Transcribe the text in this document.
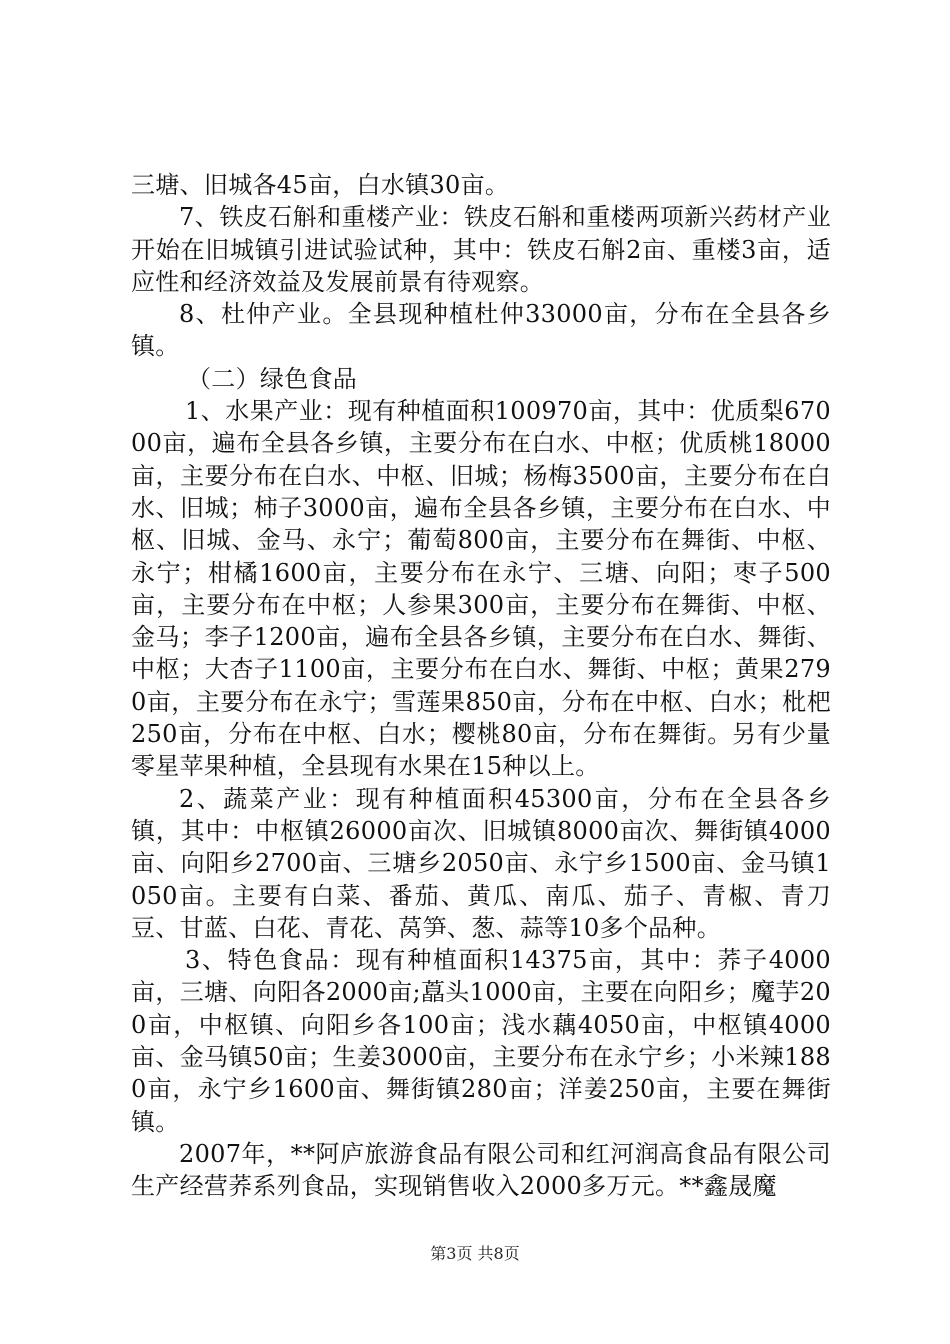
三塘、旧城各45亩，白水镇30亩。

7、铁皮石斛和重楼产业：铁皮石斛和重楼两项新兴药材产业开始在旧城镇引进试验试种，其中：铁皮石斛2亩、重楼3亩，适应性和经济效益及发展前景有待观察。

8、杜仲产业。全县现种植杜仲33000亩，分布在全县各乡镇。

（二）绿色食品

1、水果产业：现有种植面积100970亩，其中：优质梨67000亩，遍布全县各乡镇，主要分布在白水、中枢；优质桃18000亩，主要分布在白水、中枢、旧城；杨梅3500亩，主要分布在白水、旧城；柿子3000亩，遍布全县各乡镇，主要分布在白水、中枢、旧城、金马、永宁；葡萄800亩，主要分布在舞街、中枢、永宁；柑橘1600亩，主要分布在永宁、三塘、向阳；枣子500亩，主要分布在中枢；人参果300亩，主要分布在舞街、中枢、金马；李子1200亩，遍布全县各乡镇，主要分布在白水、舞街、中枢；大杏子1100亩，主要分布在白水、舞街、中枢；黄果2790亩，主要分布在永宁；雪莲果850亩，分布在中枢、白水；枇杷250亩，分布在中枢、白水；樱桃80亩，分布在舞街。另有少量零星苹果种植，全县现有水果在15种以上。

2、蔬菜产业：现有种植面积45300亩，分布在全县各乡镇，其中：中枢镇26000亩次、旧城镇8000亩次、舞街镇4000亩、向阳乡2700亩、三塘乡2050亩、永宁乡1500亩、金马镇1050亩。主要有白菜、番茄、黄瓜、南瓜、茄子、青椒、青刀豆、甘蓝、白花、青花、莴笋、葱、蒜等10多个品种。

3、特色食品：现有种植面积14375亩，其中：荞子4000亩，三塘、向阳各2000亩;藠头1000亩，主要在向阳乡；魔芋200亩，中枢镇、向阳乡各100亩；浅水藕4050亩，中枢镇4000亩、金马镇50亩；生姜3000亩，主要分布在永宁乡；小米辣1880亩，永宁乡1600亩、舞街镇280亩；洋姜250亩，主要在舞街镇。

2007年，**阿庐旅游食品有限公司和红河润高食品有限公司生产经营荞系列食品，实现销售收入2000多万元。**鑫晟魔

第3页 共8页
